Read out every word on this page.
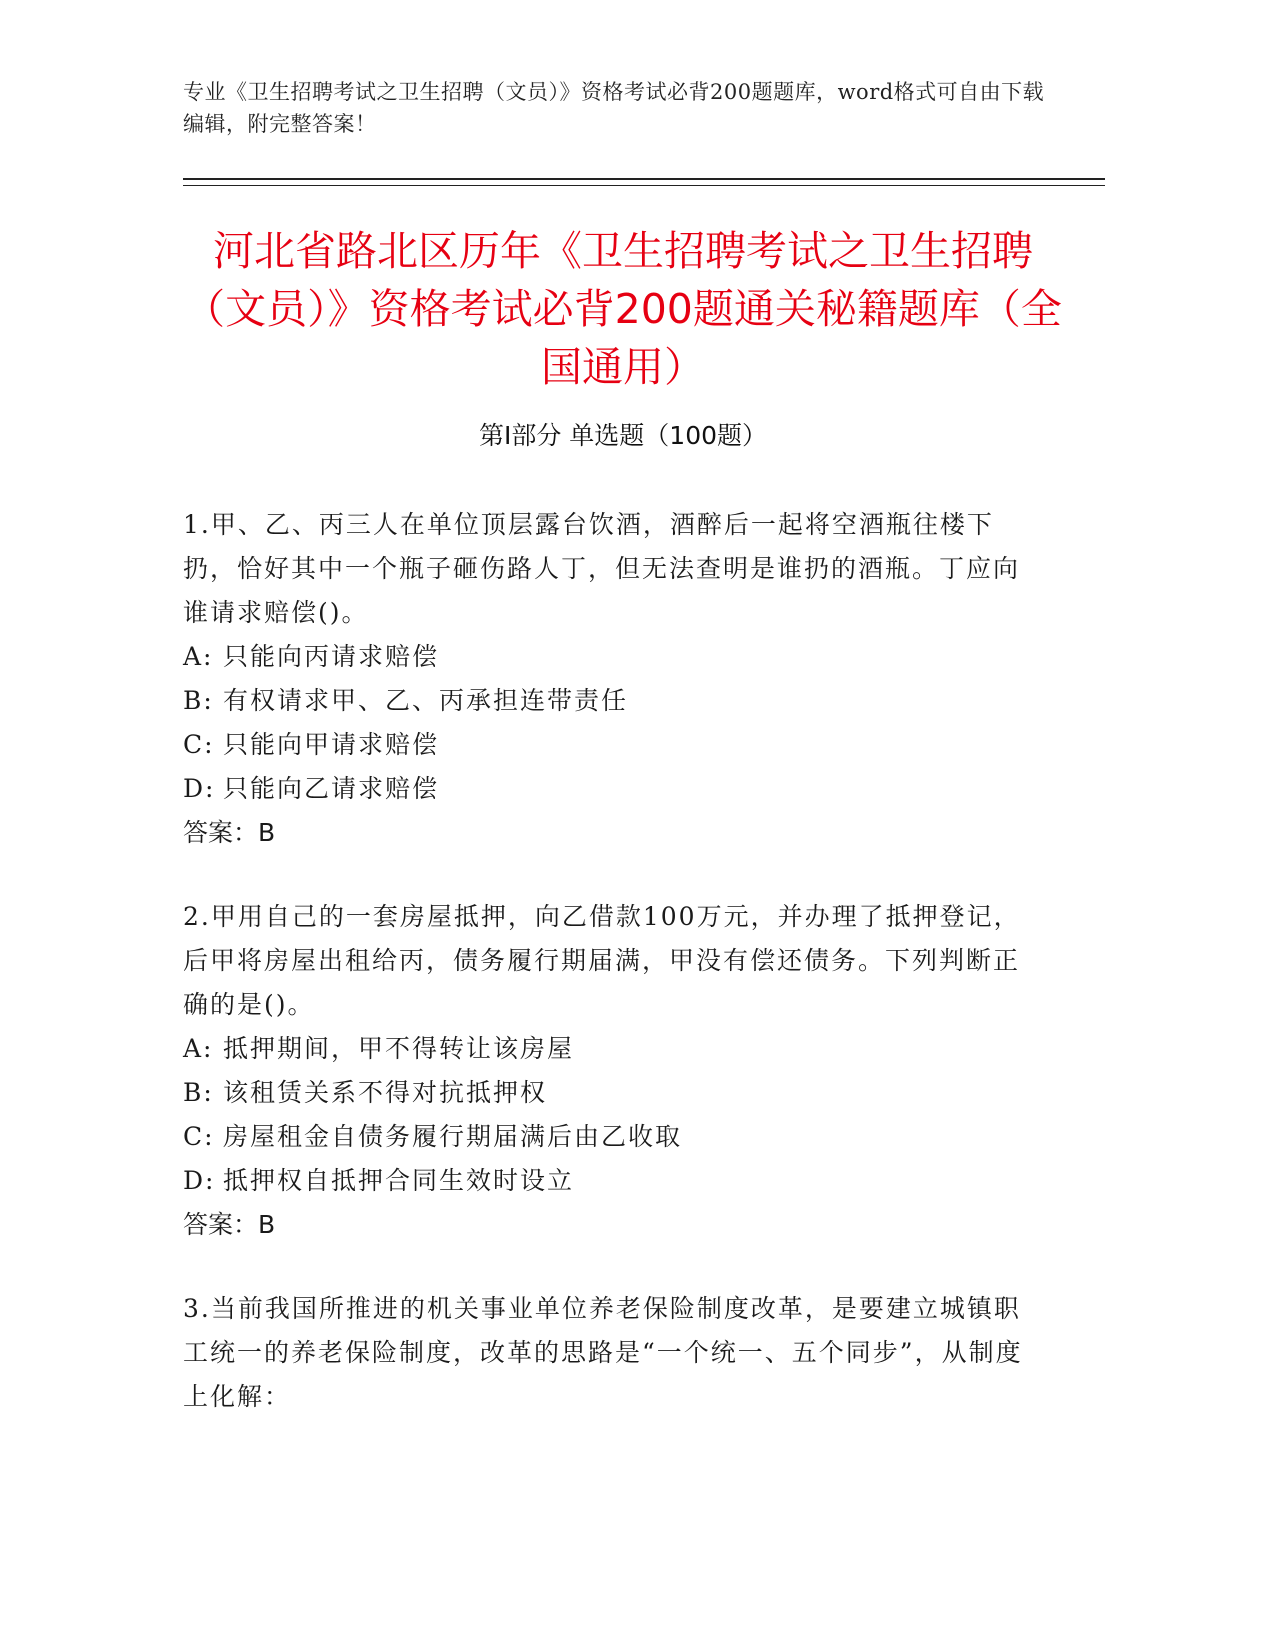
专业《卫生招聘考试之卫生招聘（文员）》资格考试必背200题题库，word格式可自由下载编辑，附完整答案！
河北省路北区历年《卫生招聘考试之卫生招聘（文员）》资格考试必背200题通关秘籍题库（全国通用）
第I部分 单选题（100题）

1.甲、乙、丙三人在单位顶层露台饮酒，酒醉后一起将空酒瓶往楼下扔，恰好其中一个瓶子砸伤路人丁，但无法查明是谁扔的酒瓶。丁应向谁请求赔偿()。

A: 只能向丙请求赔偿

B: 有权请求甲、乙、丙承担连带责任

C: 只能向甲请求赔偿

D: 只能向乙请求赔偿

答案：B

2.甲用自己的一套房屋抵押，向乙借款100万元，并办理了抵押登记，后甲将房屋出租给丙，债务履行期届满，甲没有偿还债务。下列判断正确的是()。

A: 抵押期间，甲不得转让该房屋

B: 该租赁关系不得对抗抵押权

C: 房屋租金自债务履行期届满后由乙收取

D: 抵押权自抵押合同生效时设立

答案：B

3.当前我国所推进的机关事业单位养老保险制度改革，是要建立城镇职工统一的养老保险制度，改革的思路是“一个统一、五个同步”，从制度上化解：
